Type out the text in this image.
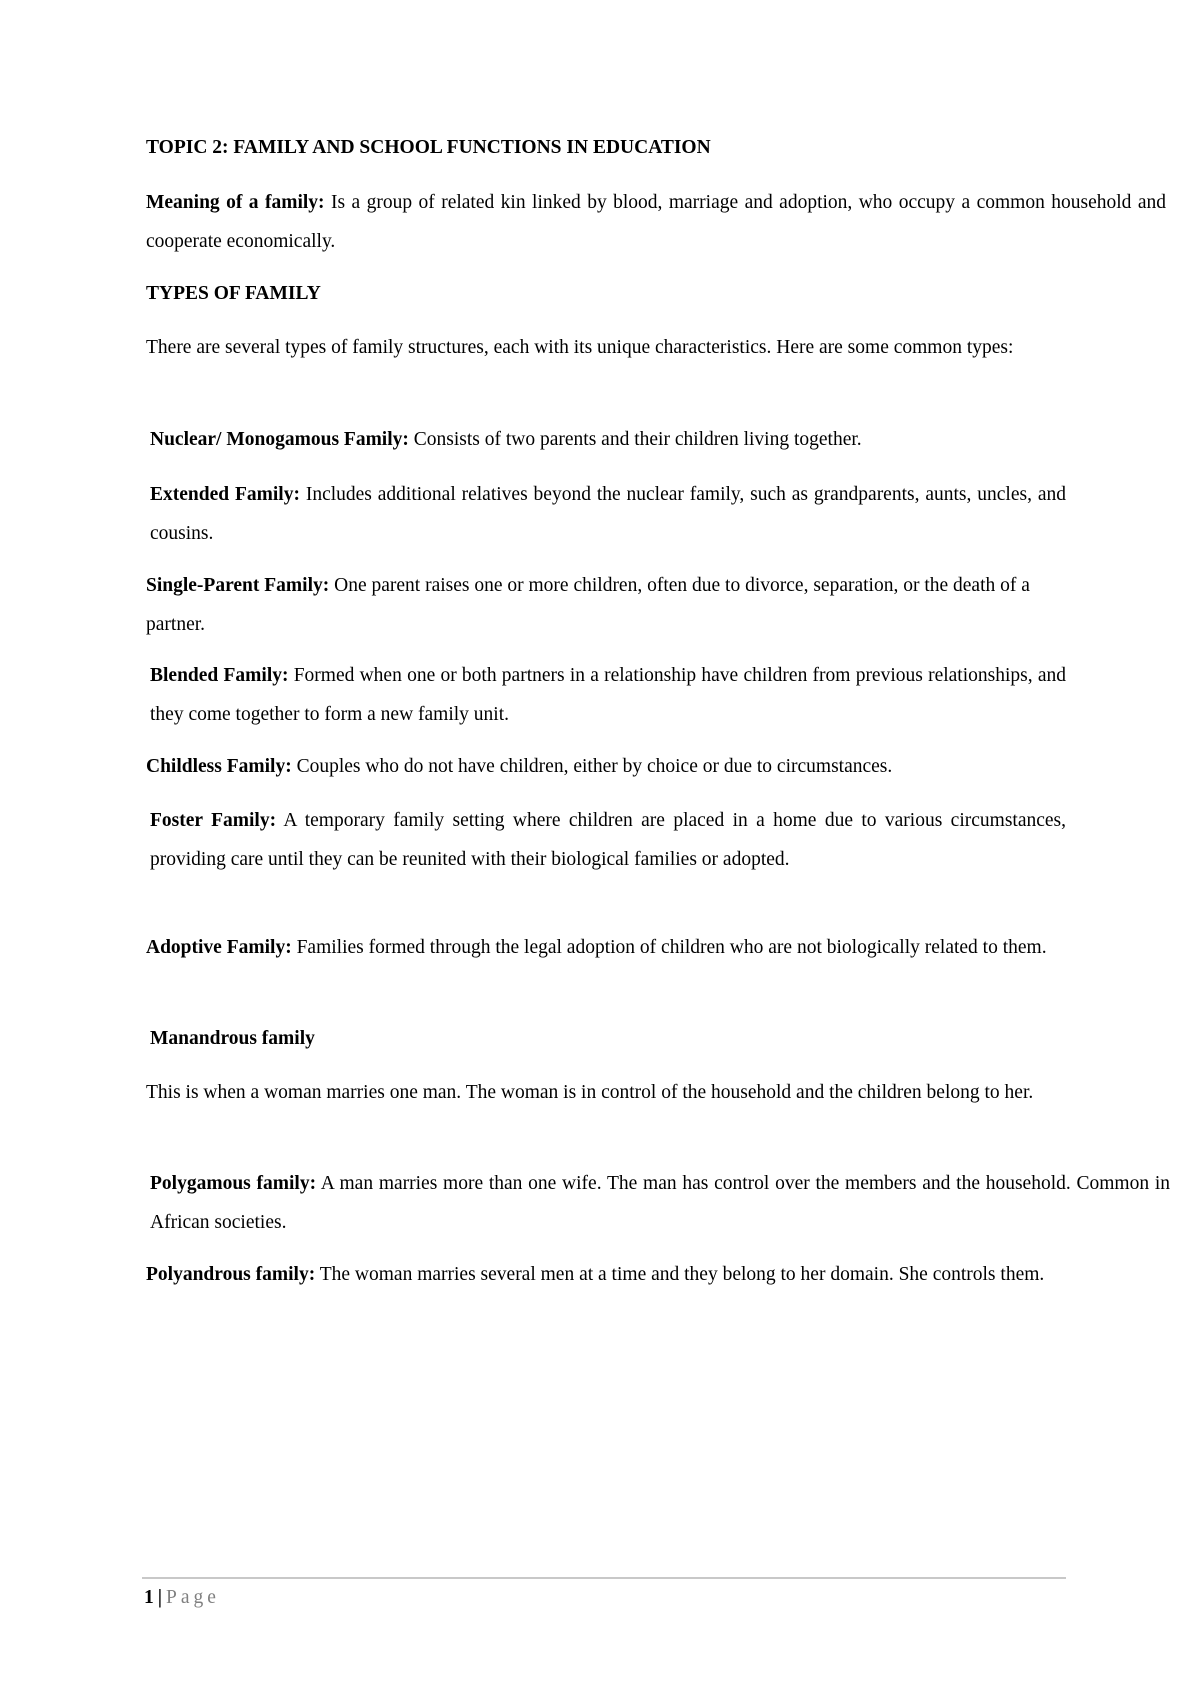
TOPIC 2: FAMILY AND SCHOOL FUNCTIONS IN EDUCATION

Meaning of a family: Is a group of related kin linked by blood, marriage and adoption, who occupy a common household and cooperate economically.

TYPES OF FAMILY

There are several types of family structures, each with its unique characteristics. Here are some common types:

Nuclear/ Monogamous Family: Consists of two parents and their children living together.

Extended Family: Includes additional relatives beyond the nuclear family, such as grandparents, aunts, uncles, and cousins.

Single-Parent Family: One parent raises one or more children, often due to divorce, separation, or the death of a partner.

Blended Family: Formed when one or both partners in a relationship have children from previous relationships, and they come together to form a new family unit.

Childless Family: Couples who do not have children, either by choice or due to circumstances.

Foster Family: A temporary family setting where children are placed in a home due to various circumstances, providing care until they can be reunited with their biological families or adopted.

Adoptive Family: Families formed through the legal adoption of children who are not biologically related to them.

Manandrous family

This is when a woman marries one man. The woman is in control of the household and the children belong to her.

Polygamous family: A man marries more than one wife. The man has control over the members and the household. Common in African societies.

Polyandrous family: The woman marries several men at a time and they belong to her domain. She controls them.

1 | Page
